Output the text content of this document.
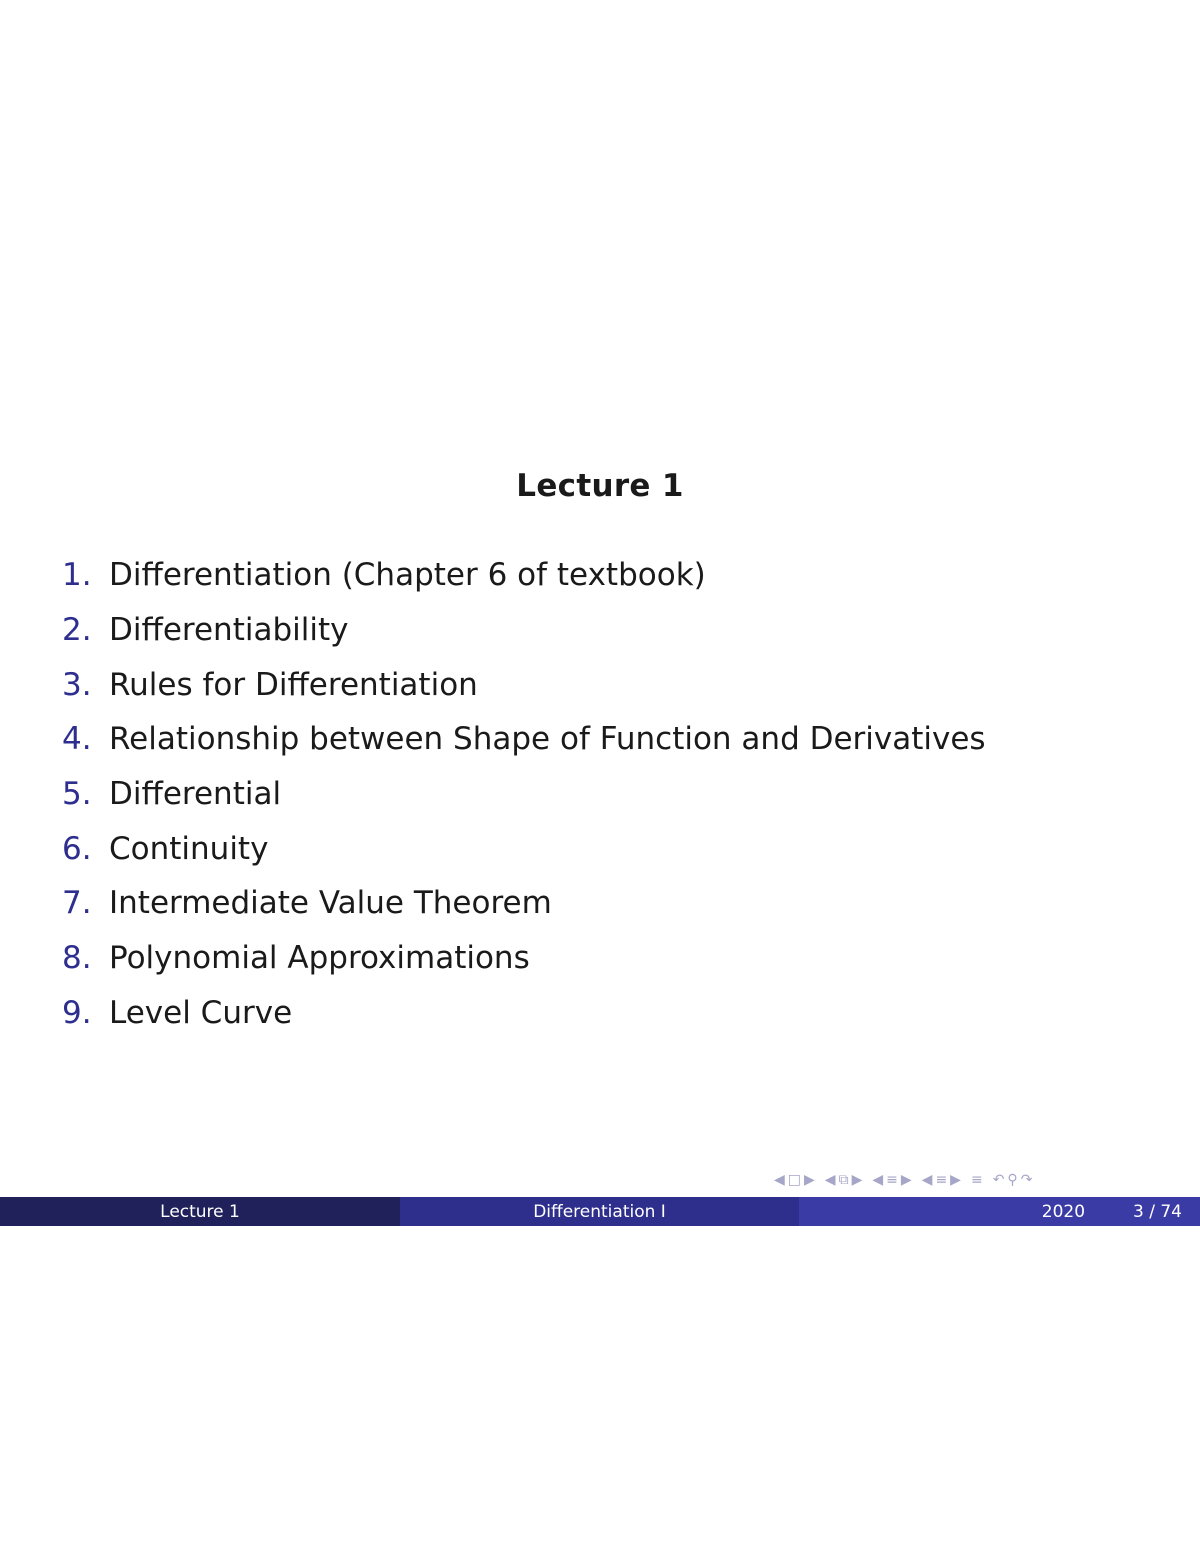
Lecture 1
1. Differentiation (Chapter 6 of textbook)
2. Differentiability
3. Rules for Differentiation
4. Relationship between Shape of Function and Derivatives
5. Differential
6. Continuity
7. Intermediate Value Theorem
8. Polynomial Approximations
9. Level Curve
◀ □ ▶ ◀ ⧉ ▶ ◀ ≡ ▶ ◀ ≡ ▶ ≡ ↶ ⚲ ↷
Lecture 1	Differentiation I	2020	3 / 74
